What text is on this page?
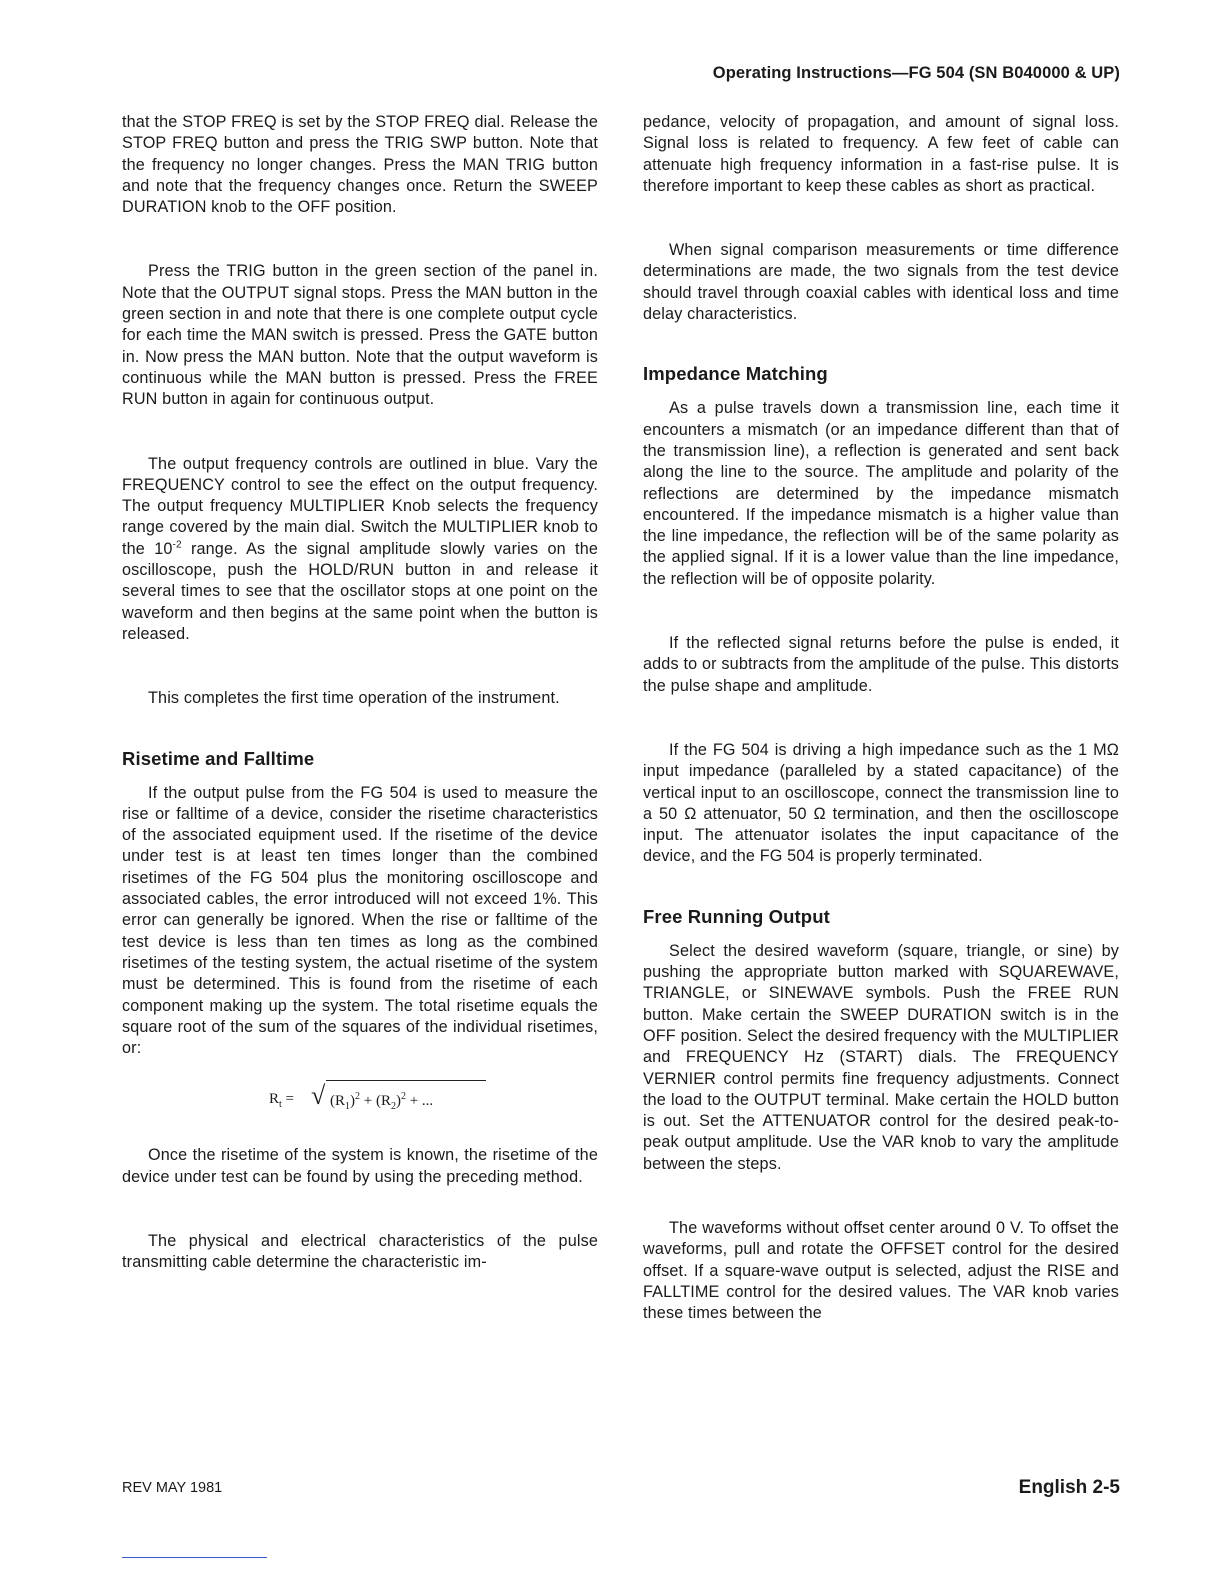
Operating Instructions—FG 504 (SN B040000 & UP)

that the STOP FREQ is set by the STOP FREQ dial. Release the STOP FREQ button and press the TRIG SWP button. Note that the frequency no longer changes. Press the MAN TRIG button and note that the frequency changes once. Return the SWEEP DURATION knob to the OFF position.

Press the TRIG button in the green section of the panel in. Note that the OUTPUT signal stops. Press the MAN button in the green section in and note that there is one complete output cycle for each time the MAN switch is pressed. Press the GATE button in. Now press the MAN button. Note that the output waveform is continuous while the MAN button is pressed. Press the FREE RUN button in again for continuous output.

The output frequency controls are outlined in blue. Vary the FREQUENCY control to see the effect on the output frequency. The output frequency MULTIPLIER Knob selects the frequency range covered by the main dial. Switch the MULTIPLIER knob to the $10^{-2}$ range. As the signal amplitude slowly varies on the oscilloscope, push the HOLD/RUN button in and release it several times to see that the oscillator stops at one point on the waveform and then begins at the same point when the button is released.

This completes the first time operation of the instrument.

Risetime and Falltime

If the output pulse from the FG 504 is used to measure the rise or falltime of a device, consider the risetime characteristics of the associated equipment used. If the risetime of the device under test is at least ten times longer than the combined risetimes of the FG 504 plus the monitoring oscilloscope and associated cables, the error introduced will not exceed 1%. This error can generally be ignored. When the rise or falltime of the test device is less than ten times as long as the combined risetimes of the testing system, the actual risetime of the system must be determined. This is found from the risetime of each component making up the system. The total risetime equals the square root of the sum of the squares of the individual risetimes, or:

$R_t$ = √ $(R_1)^2 + (R_2)^2$ + ...

Once the risetime of the system is known, the risetime of the device under test can be found by using the preceding method.

The physical and electrical characteristics of the pulse transmitting cable determine the characteristic im-

pedance, velocity of propagation, and amount of signal loss. Signal loss is related to frequency. A few feet of cable can attenuate high frequency information in a fast-rise pulse. It is therefore important to keep these cables as short as practical.

When signal comparison measurements or time difference determinations are made, the two signals from the test device should travel through coaxial cables with identical loss and time delay characteristics.

Impedance Matching

As a pulse travels down a transmission line, each time it encounters a mismatch (or an impedance different than that of the transmission line), a reflection is generated and sent back along the line to the source. The amplitude and polarity of the reflections are determined by the impedance mismatch encountered. If the impedance mismatch is a higher value than the line impedance, the reflection will be of the same polarity as the applied signal. If it is a lower value than the line impedance, the reflection will be of opposite polarity.

If the reflected signal returns before the pulse is ended, it adds to or subtracts from the amplitude of the pulse. This distorts the pulse shape and amplitude.

If the FG 504 is driving a high impedance such as the 1 MΩ input impedance (paralleled by a stated capacitance) of the vertical input to an oscilloscope, connect the transmission line to a 50 Ω attenuator, 50 Ω termination, and then the oscilloscope input. The attenuator isolates the input capacitance of the device, and the FG 504 is properly terminated.

Free Running Output

Select the desired waveform (square, triangle, or sine) by pushing the appropriate button marked with SQUAREWAVE, TRIANGLE, or SINEWAVE symbols. Push the FREE RUN button. Make certain the SWEEP DURATION switch is in the OFF position. Select the desired frequency with the MULTIPLIER and FREQUENCY Hz (START) dials. The FREQUENCY VERNIER control permits fine frequency adjustments. Connect the load to the OUTPUT terminal. Make certain the HOLD button is out. Set the ATTENUATOR control for the desired peak-to-peak output amplitude. Use the VAR knob to vary the amplitude between the steps.

The waveforms without offset center around 0 V. To offset the waveforms, pull and rotate the OFFSET control for the desired offset. If a square-wave output is selected, adjust the RISE and FALLTIME control for the desired values. The VAR knob varies these times between the

REV MAY 1981	English 2-5
